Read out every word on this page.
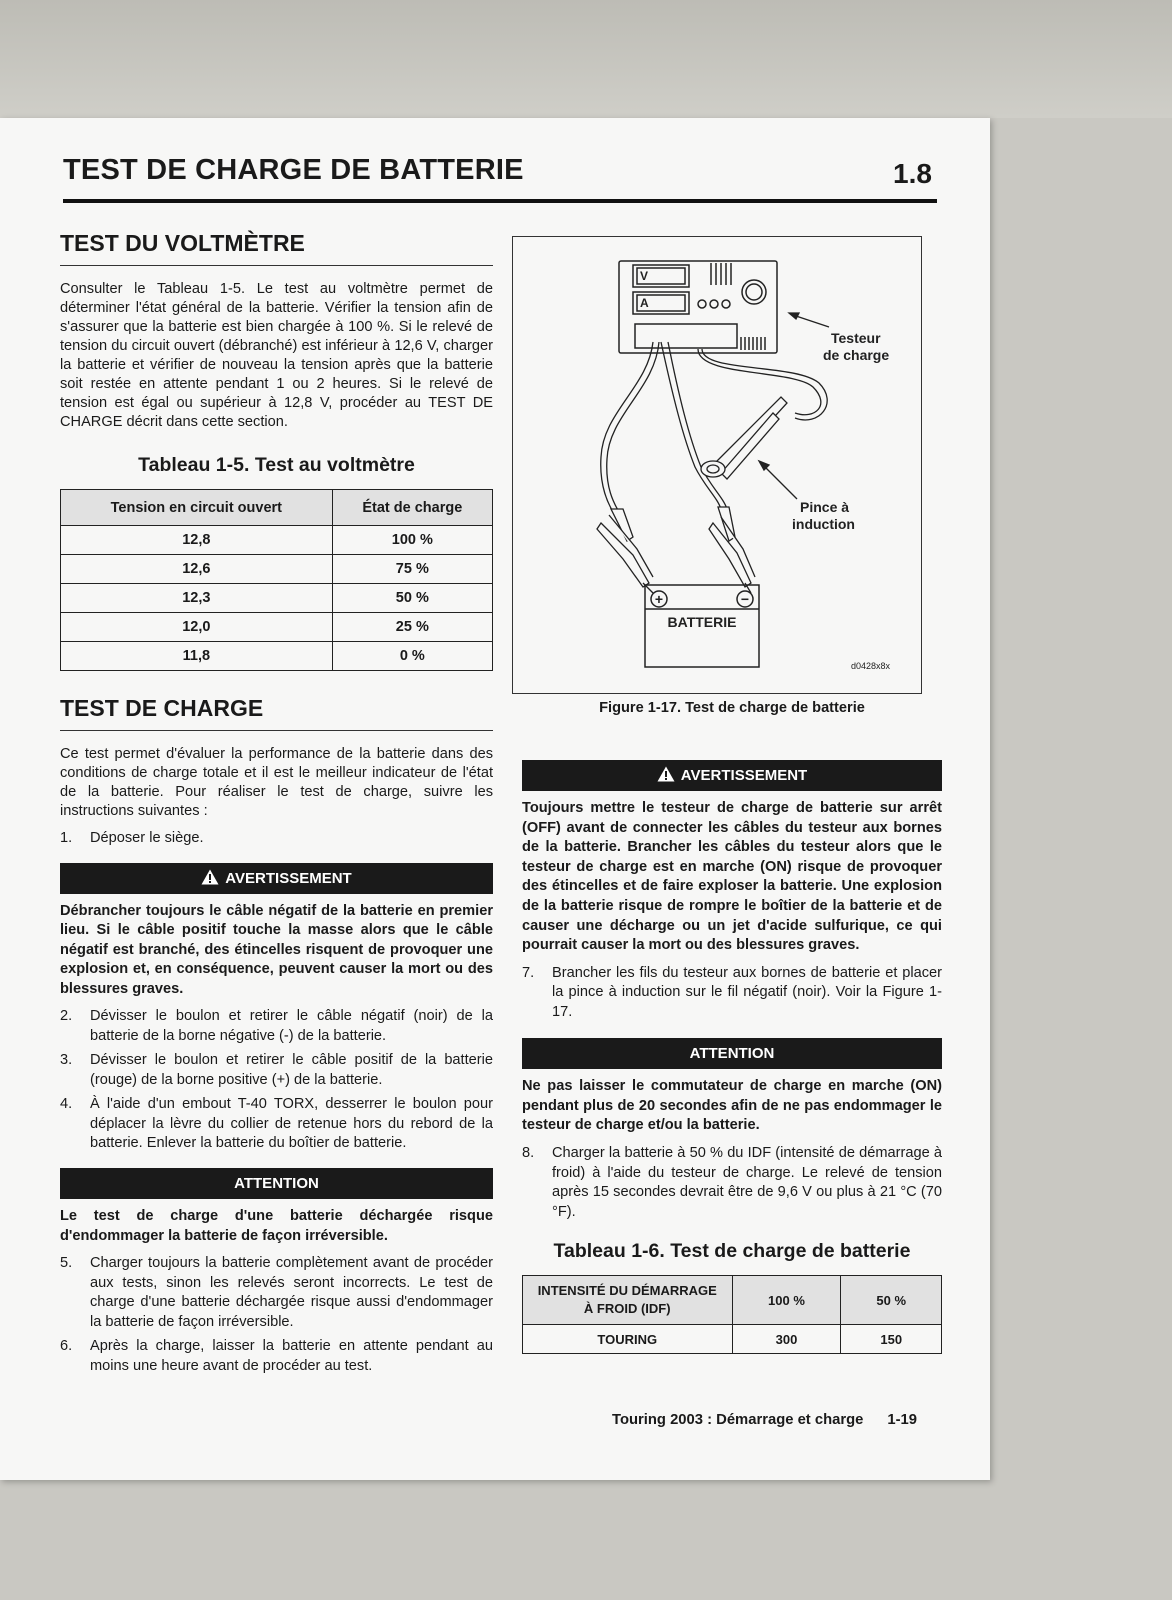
TEST DE CHARGE DE BATTERIE	1.8
TEST DU VOLTMÈTRE

Consulter le Tableau 1-5. Le test au voltmètre permet de déterminer l'état général de la batterie. Vérifier la tension afin de s'assurer que la batterie est bien chargée à 100 %. Si le relevé de tension du circuit ouvert (débranché) est inférieur à 12,6 V, charger la batterie et vérifier de nouveau la tension après que la batterie soit restée en attente pendant 1 ou 2 heures. Si le relevé de tension est égal ou supérieur à 12,8 V, procéder au TEST DE CHARGE décrit dans cette section.

Tableau 1-5. Test au voltmètre
Tension en circuit ouvert	État de charge
12,8	100 %
12,6	75 %
12,3	50 %
12,0	25 %
11,8	0 %
TEST DE CHARGE

Ce test permet d'évaluer la performance de la batterie dans des conditions de charge totale et il est le meilleur indicateur de l'état de la batterie. Pour réaliser le test de charge, suivre les instructions suivantes :

1. Déposer le siège.
AVERTISSEMENT

Débrancher toujours le câble négatif de la batterie en premier lieu. Si le câble positif touche la masse alors que le câble négatif est branché, des étincelles risquent de provoquer une explosion et, en conséquence, peuvent causer la mort ou des blessures graves.

2. Dévisser le boulon et retirer le câble négatif (noir) de la batterie de la borne négative (-) de la batterie.
3. Dévisser le boulon et retirer le câble positif de la batterie (rouge) de la borne positive (+) de la batterie.
4. À l'aide d'un embout T-40 TORX, desserrer le boulon pour déplacer la lèvre du collier de retenue hors du rebord de la batterie. Enlever la batterie du boîtier de batterie.
ATTENTION

Le test de charge d'une batterie déchargée risque d'endommager la batterie de façon irréversible.

5. Charger toujours la batterie complètement avant de procéder aux tests, sinon les relevés seront incorrects. Le test de charge d'une batterie déchargée risque aussi d'endommager la batterie de façon irréversible.
6. Après la charge, laisser la batterie en attente pendant au moins une heure avant de procéder au test.
V
A
+	−
BATTERIE
Testeur
de charge
Pince à
induction
d0428x8x
Figure 1-17. Test de charge de batterie
AVERTISSEMENT

Toujours mettre le testeur de charge de batterie sur arrêt (OFF) avant de connecter les câbles du testeur aux bornes de la batterie. Brancher les câbles du testeur alors que le testeur de charge est en marche (ON) risque de provoquer des étincelles et de faire exploser la batterie. Une explosion de la batterie risque de rompre le boîtier de la batterie et de causer une décharge ou un jet d'acide sulfurique, ce qui pourrait causer la mort ou des blessures graves.

7. Brancher les fils du testeur aux bornes de batterie et placer la pince à induction sur le fil négatif (noir). Voir la Figure 1-17.
ATTENTION

Ne pas laisser le commutateur de charge en marche (ON) pendant plus de 20 secondes afin de ne pas endommager le testeur de charge et/ou la batterie.

8. Charger la batterie à 50 % du IDF (intensité de démarrage à froid) à l'aide du testeur de charge. Le relevé de tension après 15 secondes devrait être de 9,6 V ou plus à 21 °C (70 °F).
Tableau 1-6. Test de charge de batterie
INTENSITÉ DU DÉMARRAGE
À FROID (IDF)	100 %	50 %
TOURING	300	150
Touring 2003 : Démarrage et charge 1-19
